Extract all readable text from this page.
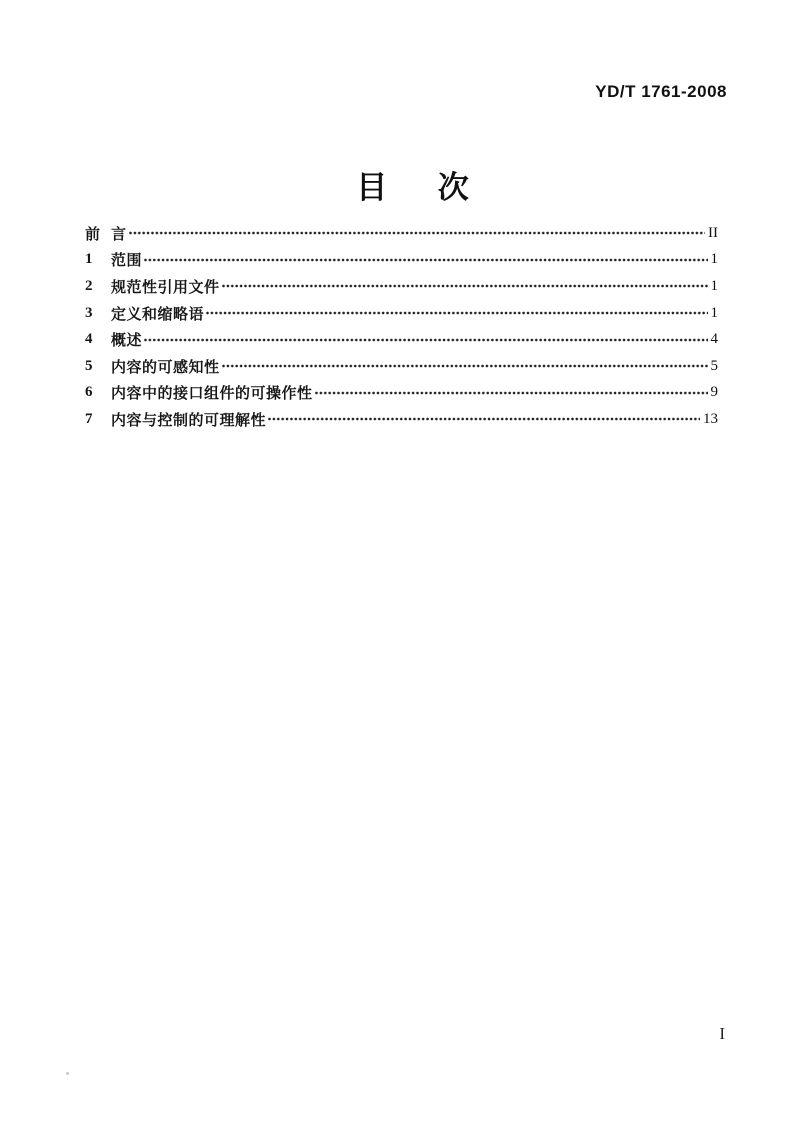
YD/T 1761-2008
目 次
前 言	II
1	范围	1
2	规范性引用文件	1
3	定义和缩略语	1
4	概述	4
5	内容的可感知性	5
6	内容中的接口组件的可操作性	9
7	内容与控制的可理解性	13
I
